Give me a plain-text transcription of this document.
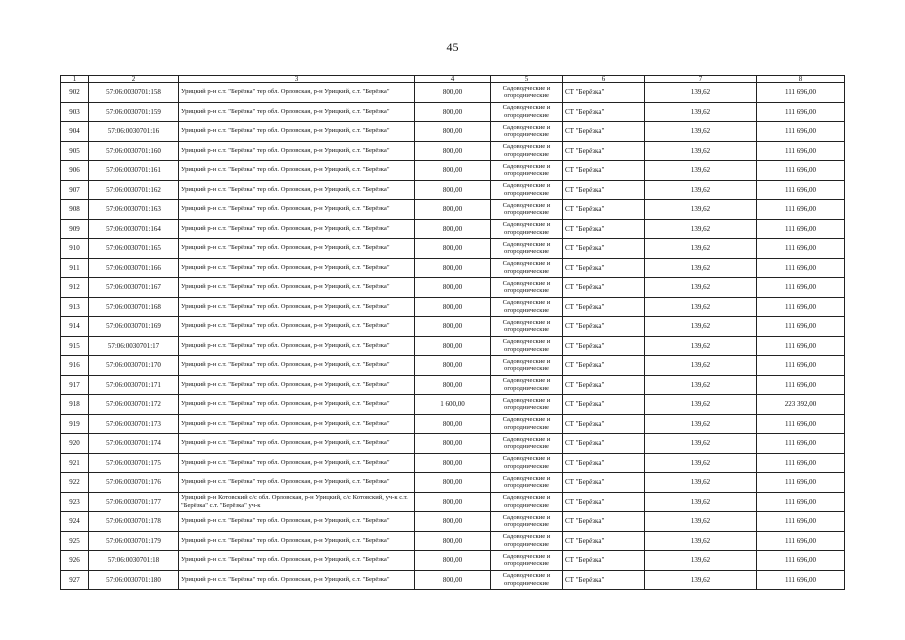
45
1	2	3	4	5	6	7	8
902	57:06:0030701:158	Урицкий р-н с.т. "Берёзка" тер обл. Орловская, р-н Урицкий, с.т. "Берёзка"	800,00	Садоводческие и огороднические	СТ "Берёзка"	139,62	111 696,00
903	57:06:0030701:159	Урицкий р-н с.т. "Берёзка" тер обл. Орловская, р-н Урицкий, с.т. "Берёзка"	800,00	Садоводческие и огороднические	СТ "Берёзка"	139,62	111 696,00
904	57:06:0030701:16	Урицкий р-н с.т. "Берёзка" тер обл. Орловская, р-н Урицкий, с.т. "Берёзка"	800,00	Садоводческие и огороднические	СТ "Берёзка"	139,62	111 696,00
905	57:06:0030701:160	Урицкий р-н с.т. "Берёзка" тер обл. Орловская, р-н Урицкий, с.т. "Берёзка"	800,00	Садоводческие и огороднические	СТ "Берёзка"	139,62	111 696,00
906	57:06:0030701:161	Урицкий р-н с.т. "Берёзка" тер обл. Орловская, р-н Урицкий, с.т. "Берёзка"	800,00	Садоводческие и огороднические	СТ "Берёзка"	139,62	111 696,00
907	57:06:0030701:162	Урицкий р-н с.т. "Берёзка" тер обл. Орловская, р-н Урицкий, с.т. "Берёзка"	800,00	Садоводческие и огороднические	СТ "Берёзка"	139,62	111 696,00
908	57:06:0030701:163	Урицкий р-н с.т. "Берёзка" тер обл. Орловская, р-н Урицкий, с.т. "Берёзка"	800,00	Садоводческие и огороднические	СТ "Берёзка"	139,62	111 696,00
909	57:06:0030701:164	Урицкий р-н с.т. "Берёзка" тер обл. Орловская, р-н Урицкий, с.т. "Берёзка"	800,00	Садоводческие и огороднические	СТ "Берёзка"	139,62	111 696,00
910	57:06:0030701:165	Урицкий р-н с.т. "Берёзка" тер обл. Орловская, р-н Урицкий, с.т. "Берёзка"	800,00	Садоводческие и огороднические	СТ "Берёзка"	139,62	111 696,00
911	57:06:0030701:166	Урицкий р-н с.т. "Берёзка" тер обл. Орловская, р-н Урицкий, с.т. "Берёзка"	800,00	Садоводческие и огороднические	СТ "Берёзка"	139,62	111 696,00
912	57:06:0030701:167	Урицкий р-н с.т. "Берёзка" тер обл. Орловская, р-н Урицкий, с.т. "Берёзка"	800,00	Садоводческие и огороднические	СТ "Берёзка"	139,62	111 696,00
913	57:06:0030701:168	Урицкий р-н с.т. "Берёзка" тер обл. Орловская, р-н Урицкий, с.т. "Берёзка"	800,00	Садоводческие и огороднические	СТ "Берёзка"	139,62	111 696,00
914	57:06:0030701:169	Урицкий р-н с.т. "Берёзка" тер обл. Орловская, р-н Урицкий, с.т. "Берёзка"	800,00	Садоводческие и огороднические	СТ "Берёзка"	139,62	111 696,00
915	57:06:0030701:17	Урицкий р-н с.т. "Берёзка" тер обл. Орловская, р-н Урицкий, с.т. "Берёзка"	800,00	Садоводческие и огороднические	СТ "Берёзка"	139,62	111 696,00
916	57:06:0030701:170	Урицкий р-н с.т. "Берёзка" тер обл. Орловская, р-н Урицкий, с.т. "Берёзка"	800,00	Садоводческие и огороднические	СТ "Берёзка"	139,62	111 696,00
917	57:06:0030701:171	Урицкий р-н с.т. "Берёзка" тер обл. Орловская, р-н Урицкий, с.т. "Берёзка"	800,00	Садоводческие и огороднические	СТ "Берёзка"	139,62	111 696,00
918	57:06:0030701:172	Урицкий р-н с.т. "Берёзка" тер обл. Орловская, р-н Урицкий, с.т. "Берёзка"	1 600,00	Садоводческие и огороднические	СТ "Берёзка"	139,62	223 392,00
919	57:06:0030701:173	Урицкий р-н с.т. "Берёзка" тер обл. Орловская, р-н Урицкий, с.т. "Берёзка"	800,00	Садоводческие и огороднические	СТ "Берёзка"	139,62	111 696,00
920	57:06:0030701:174	Урицкий р-н с.т. "Берёзка" тер обл. Орловская, р-н Урицкий, с.т. "Берёзка"	800,00	Садоводческие и огороднические	СТ "Берёзка"	139,62	111 696,00
921	57:06:0030701:175	Урицкий р-н с.т. "Берёзка" тер обл. Орловская, р-н Урицкий, с.т. "Берёзка"	800,00	Садоводческие и огороднические	СТ "Берёзка"	139,62	111 696,00
922	57:06:0030701:176	Урицкий р-н с.т. "Берёзка" тер обл. Орловская, р-н Урицкий, с.т. "Берёзка"	800,00	Садоводческие и огороднические	СТ "Берёзка"	139,62	111 696,00
923	57:06:0030701:177	Урицкий р-н Котовский с/с обл. Орловская, р-н Урицкий, с/с Котовский, уч-к с.т. "Берёзка" с.т. "Берёзка" уч-к	800,00	Садоводческие и огороднические	СТ "Берёзка"	139,62	111 696,00
924	57:06:0030701:178	Урицкий р-н с.т. "Берёзка" тер обл. Орловская, р-н Урицкий, с.т. "Берёзка"	800,00	Садоводческие и огороднические	СТ "Берёзка"	139,62	111 696,00
925	57:06:0030701:179	Урицкий р-н с.т. "Берёзка" тер обл. Орловская, р-н Урицкий, с.т. "Берёзка"	800,00	Садоводческие и огороднические	СТ "Берёзка"	139,62	111 696,00
926	57:06:0030701:18	Урицкий р-н с.т. "Берёзка" тер обл. Орловская, р-н Урицкий, с.т. "Берёзка"	800,00	Садоводческие и огороднические	СТ "Берёзка"	139,62	111 696,00
927	57:06:0030701:180	Урицкий р-н с.т. "Берёзка" тер обл. Орловская, р-н Урицкий, с.т. "Берёзка"	800,00	Садоводческие и огороднические	СТ "Берёзка"	139,62	111 696,00
